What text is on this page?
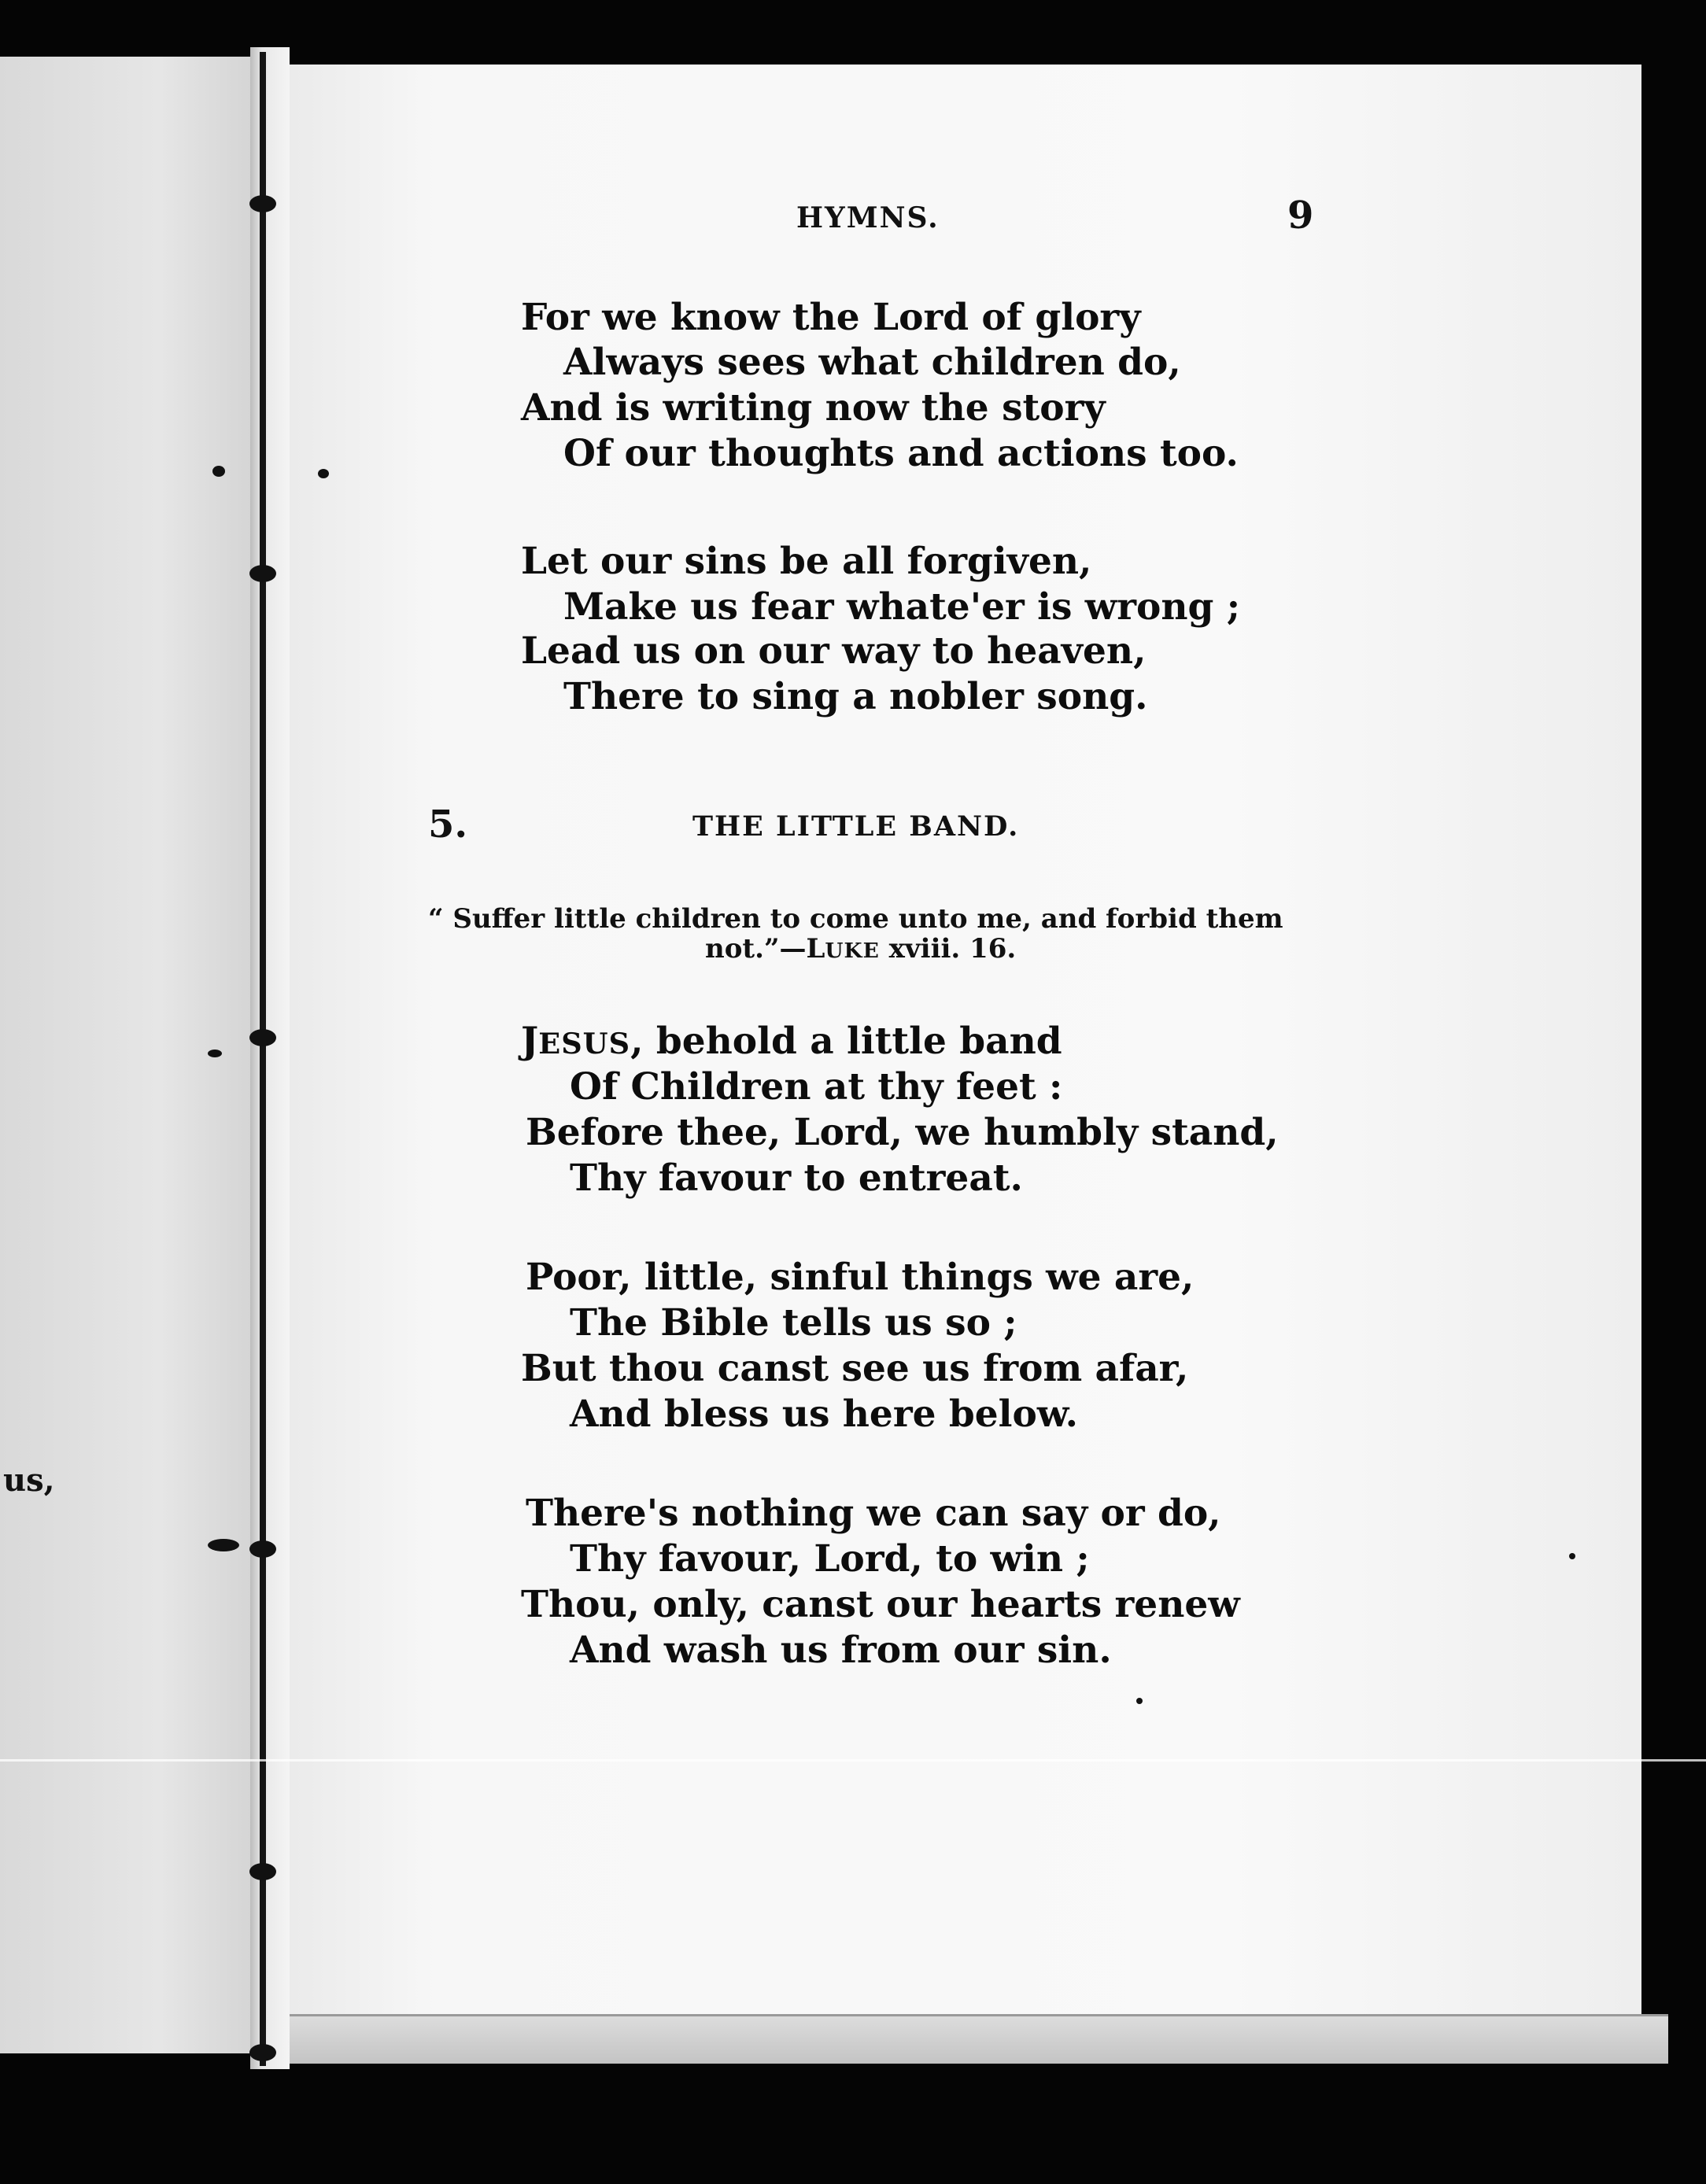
us,
HYMNS.	9
For we know the Lord of glory
Always sees what children do,
And is writing now the story
Of our thoughts and actions too.
Let our sins be all forgiven,
Make us fear whate'er is wrong ;
Lead us on our way to heaven,
There to sing a nobler song.
5.	THE LITTLE BAND.
“ Suffer little children to come unto me, and forbid them
not.”—LUKE xviii. 16.
JESUS, behold a little band
Of Children at thy feet :
Before thee, Lord, we humbly stand,
Thy favour to entreat.
Poor, little, sinful things we are,
The Bible tells us so ;
But thou canst see us from afar,
And bless us here below.
There's nothing we can say or do,
Thy favour, Lord, to win ;
Thou, only, canst our hearts renew
And wash us from our sin.
